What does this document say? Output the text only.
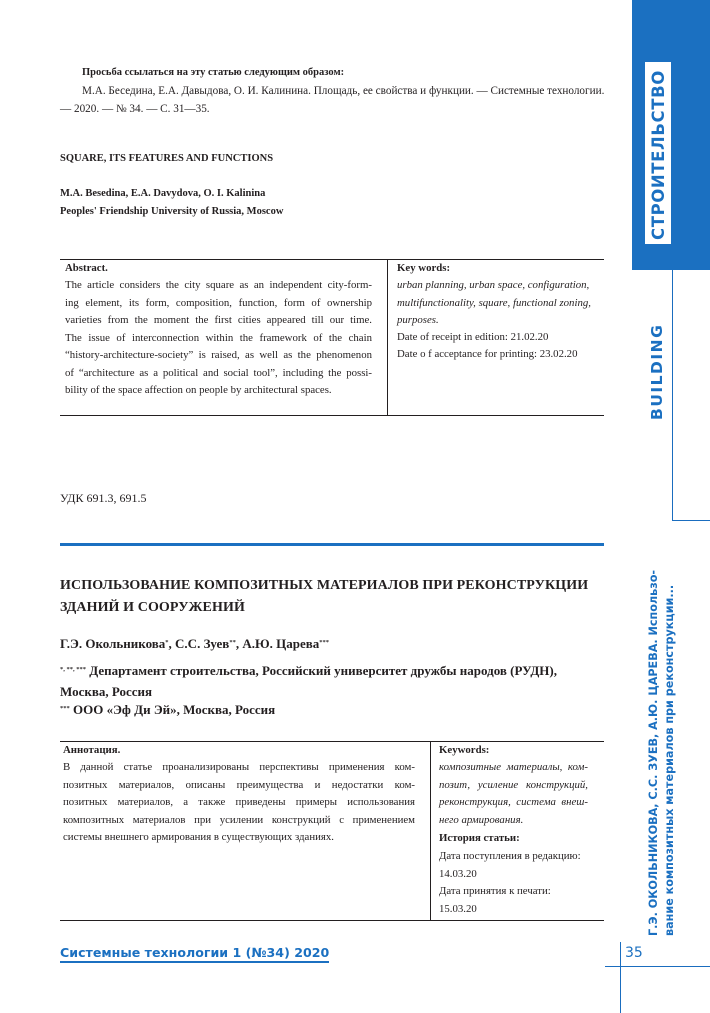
СТРОИТЕЛЬСТВО
BUILDING
Г.Э. ОКОЛЬНИКОВА, С.С. ЗУЕВ, А.Ю. ЦАРЕВА. Использо- вание композитных материалов при реконструкции...
35
Просьба ссылаться на эту статью следующим образом:
М.А. Беседина, Е.А. Давыдова, О. И. Калинина. Площадь, ее свойства и функции. — Системные технологии.
— 2020. — № 34. — С. 31—35.
SQUARE, ITS FEATURES AND FUNCTIONS
M.A. Besedina, E.A. Davydova, O. I. Kalinina
Peoples' Friendship University of Russia, Moscow
Abstract.
The article considers the city square as an independent city-form-
ing element, its form, composition, function, form of ownership
varieties from the moment the first cities appeared till our time.
The issue of interconnection within the framework of the chain
“history-architecture-society” is raised, as well as the phenomenon
of “architecture as a political and social tool”, including the possi-
bility of the space affection on people by architectural spaces.
Key words:
urban planning, urban space, configuration,
multifunctionality, square, functional zoning,
purposes.
Date of receipt in edition: 21.02.20
Date o f acceptance for printing: 23.02.20
УДК 691.3, 691.5
ИСПОЛЬЗОВАНИЕ КОМПОЗИТНЫХ МАТЕРИАЛОВ ПРИ РЕКОНСТРУКЦИИ
ЗДАНИЙ И СООРУЖЕНИЙ
Г.Э. Окольникова*, С.С. Зуев**, А.Ю. Царева***
*, **, *** Департамент строительства, Российский университет дружбы народов (РУДН),
Москва, Россия
*** ООО «Эф Ди Эй», Москва, Россия
Аннотация.
В данной статье проанализированы перспективы применения ком-
позитных материалов, описаны преимущества и недостатки ком-
позитных материалов, а также приведены примеры использования
композитных материалов при усилении конструкций с применением
системы внешнего армирования в существующих зданиях.
Keywords:
композитные материалы, ком-
позит, усиление конструкций,
реконструкция, система внеш-
него армирования.
История статьи:
Дата поступления в редакцию:
14.03.20
Дата принятия к печати:
15.03.20
Системные технологии 1 (№34) 2020
